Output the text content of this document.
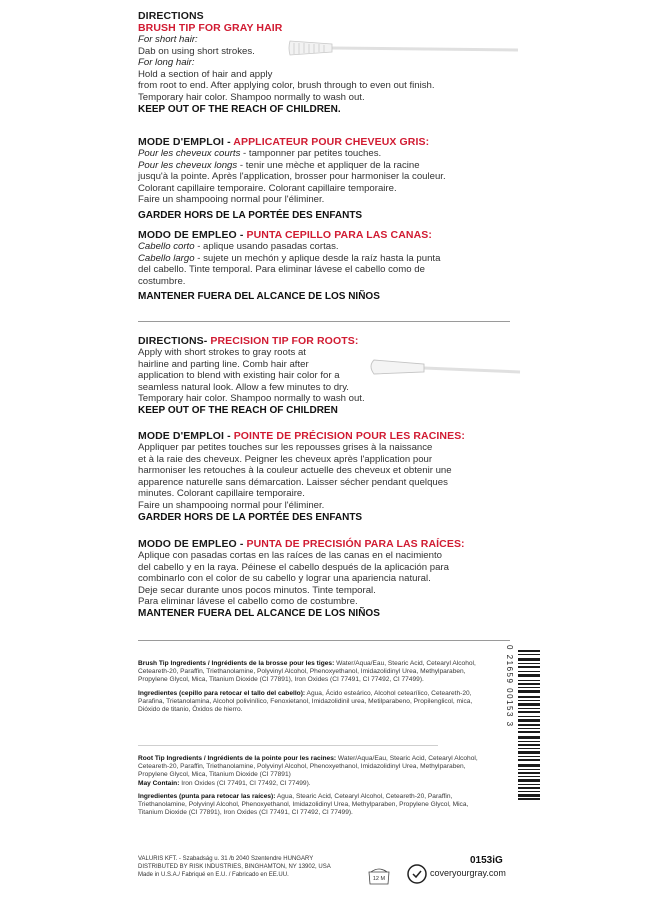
DIRECTIONS
BRUSH TIP FOR GRAY HAIR
For short hair:
Dab on using short strokes.
For long hair:
Hold a section of hair and apply
from root to end. After applying color, brush through to even out finish.
Temporary hair color. Shampoo normally to wash out.
KEEP OUT OF THE REACH OF CHILDREN.
MODE D'EMPLOI - APPLICATEUR POUR CHEVEUX GRIS:
Pour les cheveux courts - tamponner par petites touches.
Pour les cheveux longs - tenir une mèche et appliquer de la racine
jusqu'à la pointe. Après l'application, brosser pour harmoniser la couleur.
Colorant capillaire temporaire. Colorant capillaire temporaire.
Faire un shampooing normal pour l'éliminer.
GARDER HORS DE LA PORTÉE DES ENFANTS
MODO DE EMPLEO - PUNTA CEPILLO PARA LAS CANAS:
Cabello corto - aplique usando pasadas cortas.
Cabello largo - sujete un mechón y aplique desde la raíz hasta la punta
del cabello. Tinte temporal. Para eliminar lávese el cabello como de
costumbre.
MANTENER FUERA DEL ALCANCE DE LOS NIÑOS
DIRECTIONS- PRECISION TIP FOR ROOTS:
Apply with short strokes to gray roots at
hairline and parting line. Comb hair after
application to blend with existing hair color for a
seamless natural look. Allow a few minutes to dry.
Temporary hair color. Shampoo normally to wash out.
KEEP OUT OF THE REACH OF CHILDREN
MODE D'EMPLOI - POINTE DE PRÉCISION POUR LES RACINES:
Appliquer par petites touches sur les repousses grises à la naissance
et à la raie des cheveux. Peigner les cheveux après l'application pour
harmoniser les retouches à la couleur actuelle des cheveux et obtenir une
apparence naturelle sans démarcation. Laisser sécher pendant quelques
minutes. Colorant capillaire temporaire.
Faire un shampooing normal pour l'éliminer.
GARDER HORS DE LA PORTÉE DES ENFANTS
MODO DE EMPLEO - PUNTA DE PRECISIÓN PARA LAS RAÍCES:
Aplique con pasadas cortas en las raíces de las canas en el nacimiento
del cabello y en la raya. Péinese el cabello después de la aplicación para
combinarlo con el color de su cabello y lograr una apariencia natural.
Deje secar durante unos pocos minutos. Tinte temporal.
Para eliminar lávese el cabello como de costumbre.
MANTENER FUERA DEL ALCANCE DE LOS NIÑOS
Brush Tip Ingredients / Ingrédients de la brosse pour les tiges: Water/Aqua/Eau, Stearic Acid, Cetearyl Alcohol, Ceteareth-20, Paraffin, Triethanolamine, Polyvinyl Alcohol, Phenoxyethanol, Imidazolidinyl Urea, Methylparaben, Propylene Glycol, Mica, Titanium Dioxide (CI 77891), Iron Oxides (CI 77491, CI 77492, CI 77499).
Ingredientes (cepillo para retocar el tallo del cabello): Agua, Ácido esteárico, Alcohol cetearílico, Ceteareth-20, Parafina, Trietanolamina, Alcohol polivinílico, Fenoxietanol, Imidazolidinil urea, Metilparabeno, Propilenglicol, mica, Dióxido de titanio, Óxidos de hierro.
Root Tip Ingredients / Ingrédients de la pointe pour les racines: Water/Aqua/Eau, Stearic Acid, Cetearyl Alcohol, Ceteareth-20, Paraffin, Triethanolamine, Polyvinyl Alcohol, Phenoxyethanol, Imidazolidinyl Urea, Methylparaben, Propylene Glycol, Mica, Titanium Dioxide (CI 77891)
May Contain: Iron Oxides (CI 77491, CI 77492, CI 77499).
Ingredientes (punta para retocar las raíces): Agua, Stearic Acid, Cetearyl Alcohol, Ceteareth-20, Paraffin, Triethanolamine, Polyvinyl Alcohol, Phenoxyethanol, Imidazolidinyl Urea, Methylparaben, Propylene Glycol, Mica, Titanium Dioxide (CI 77891), Iron Oxides (CI 77491, CI 77492, CI 77499).
0 21659 00153 3
VALURIS KFT. - Szabadság u. 31 /b 2040 Szentendre HUNGARY
DISTRIBUTED BY RISK INDUSTRIES, BINGHAMTON, NY 13902, USA
Made in U.S.A./ Fabriqué en E.U. / Fabricado en EE.UU.
12 M
0153iG
coveryourgray.com
